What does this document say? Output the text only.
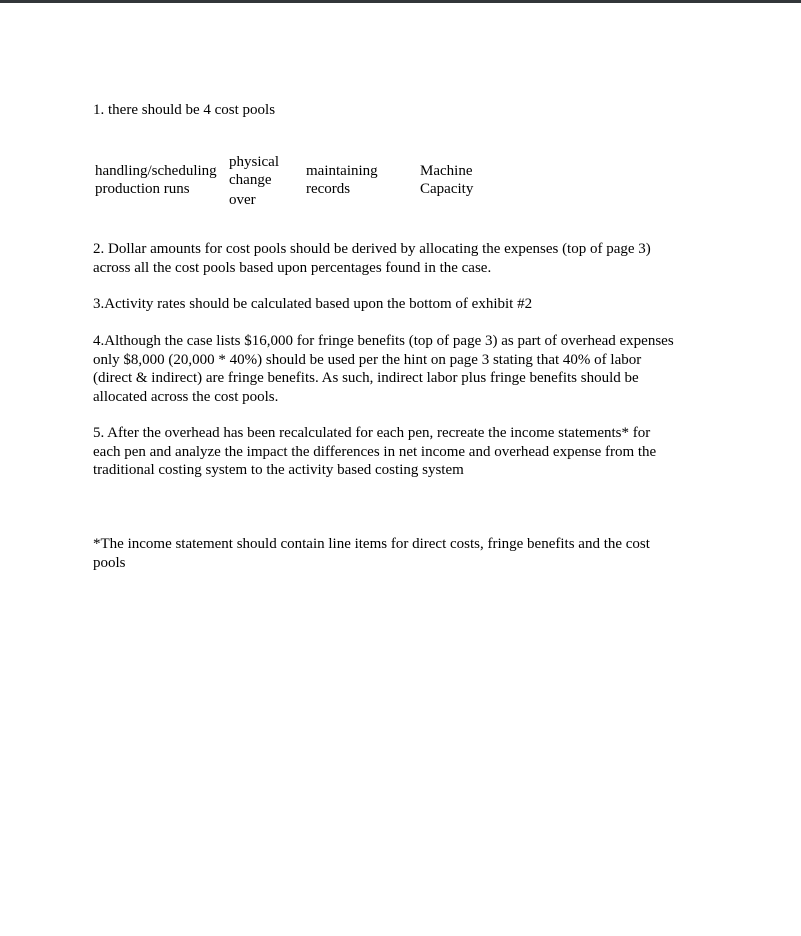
1. there should be 4 cost pools

handling/scheduling
production runs
physical
change
over
maintaining
records
Machine
Capacity
2. Dollar amounts for cost pools should be derived by allocating the expenses (top of page 3)
across all the cost pools based upon percentages found in the case.
3.Activity rates should be calculated based upon the bottom of exhibit #2
4.Although the case lists $16,000 for fringe benefits (top of page 3) as part of overhead expenses
only $8,000 (20,000 * 40%) should be used per the hint on page 3 stating that 40% of labor
(direct & indirect) are fringe benefits. As such, indirect labor plus fringe benefits should be
allocated across the cost pools.
5. After the overhead has been recalculated for each pen, recreate the income statements* for
each pen and analyze the impact the differences in net income and overhead expense from the
traditional costing system to the activity based costing system
*The income statement should contain line items for direct costs, fringe benefits and the cost
pools
